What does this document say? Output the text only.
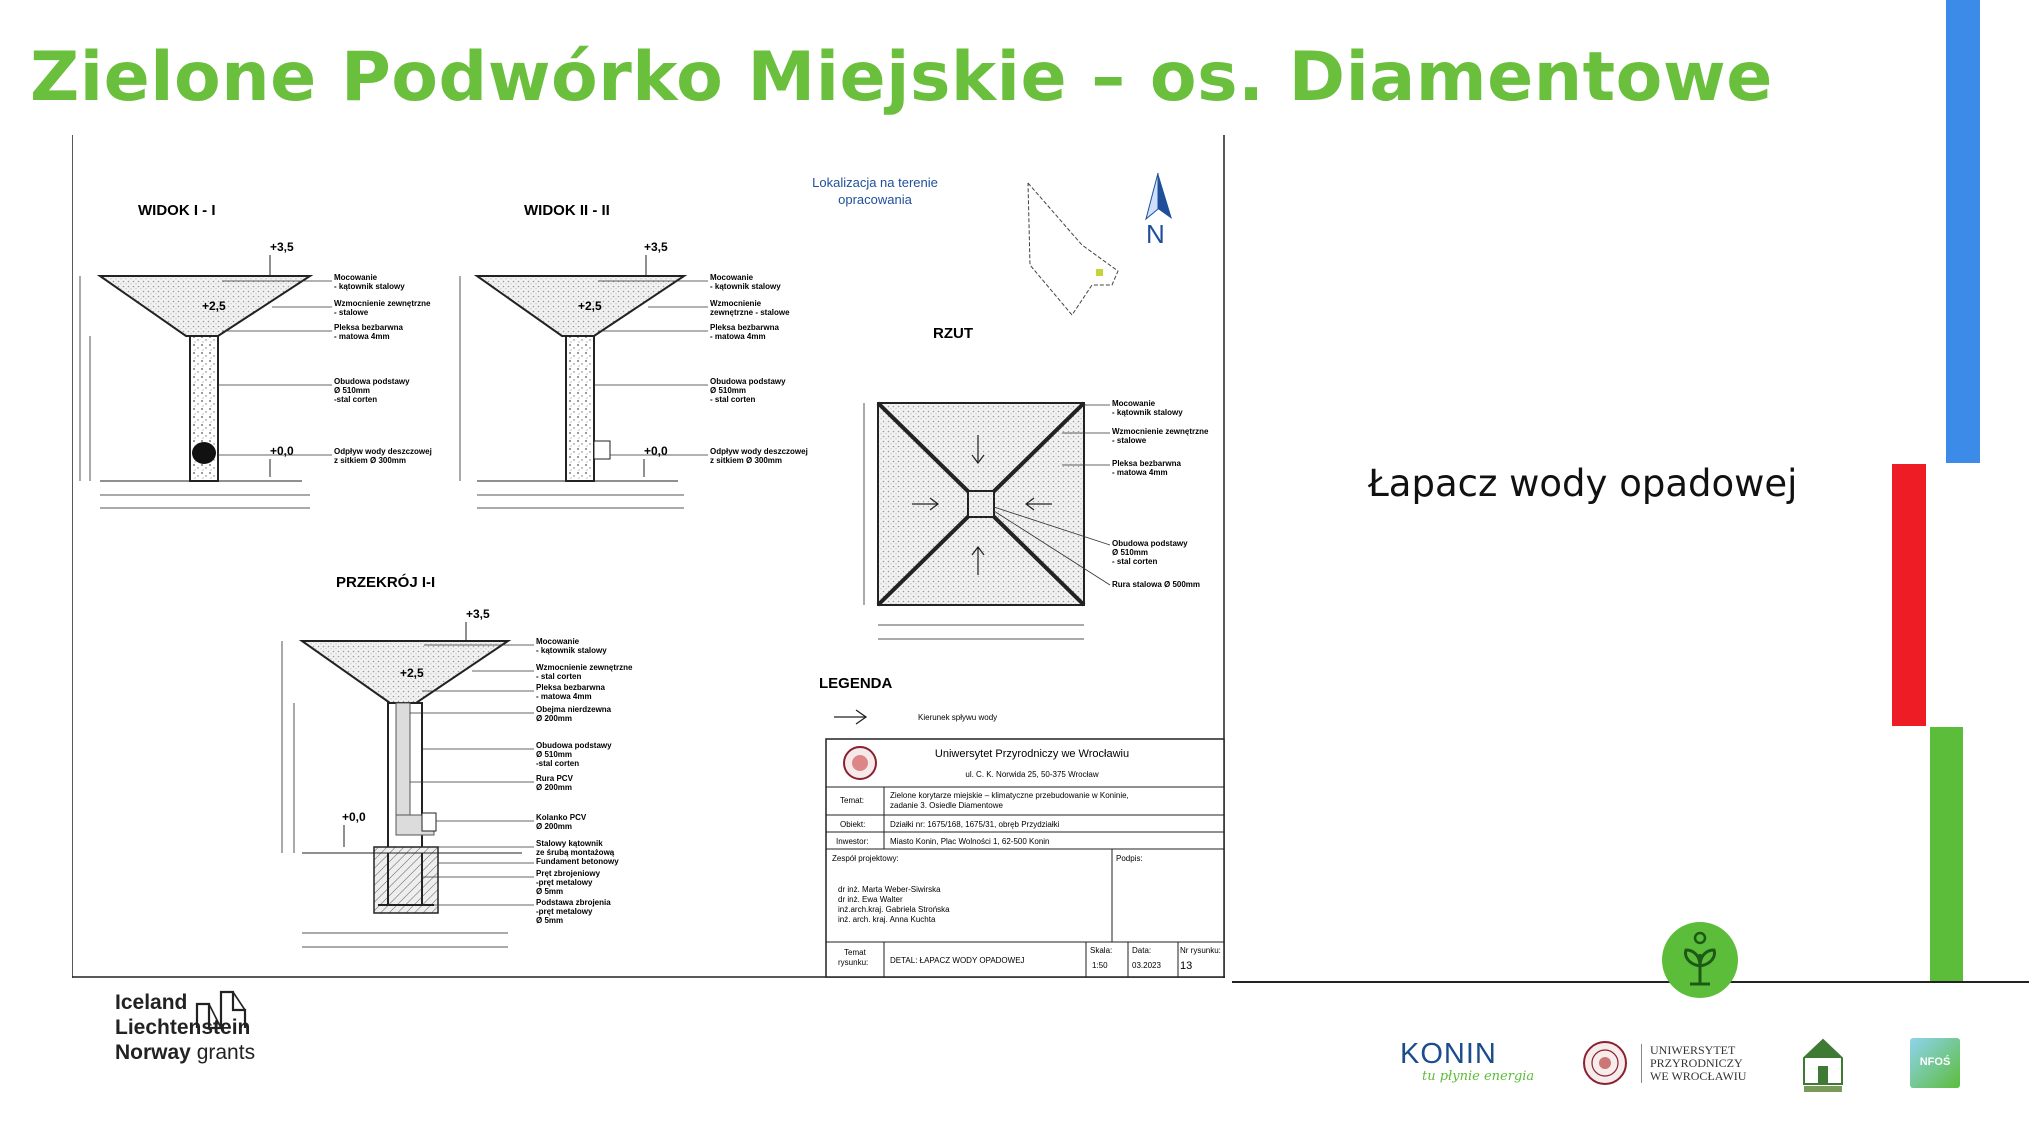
Zielone Podwórko Miejskie – os. Diamentowe
Łapacz wody opadowej
WIDOK I - I
+3,5
+2,5
+0,0
Mocowanie
- kątownik stalowy
Wzmocnienie zewnętrzne
- stalowe
Pleksa bezbarwna
- matowa 4mm
Obudowa podstawy
Ø 510mm
-stal corten
Odpływ wody deszczowej
z sitkiem Ø 300mm
WIDOK II - II
+3,5
+2,5
+0,0
Mocowanie
- kątownik stalowy
Wzmocnienie
zewnętrzne - stalowe
Pleksa bezbarwna
- matowa 4mm
Obudowa podstawy
Ø 510mm
- stal corten
Odpływ wody deszczowej
z sitkiem Ø 300mm
Lokalizacja na terenie
opracowania
N
RZUT
Mocowanie
- kątownik stalowy
Wzmocnienie zewnętrzne
- stalowe
Pleksa bezbarwna
- matowa 4mm
Obudowa podstawy
Ø 510mm
- stal corten
Rura stalowa Ø 500mm
PRZEKRÓJ I-I
+3,5
+2,5
+0,0
Mocowanie
- kątownik stalowy
Wzmocnienie zewnętrzne
- stal corten
Pleksa bezbarwna
- matowa 4mm
Obejma nierdzewna
Ø 200mm
Obudowa podstawy
Ø 510mm
-stal corten
Rura PCV
Ø 200mm
Kolanko PCV
Ø 200mm
Stalowy kątownik
ze śrubą montażową
Fundament betonowy
Pręt zbrojeniowy
-pręt metalowy
Ø 5mm
Podstawa zbrojenia
-pręt metalowy
Ø 5mm
LEGENDA
Kierunek spływu wody
Uniwersytet Przyrodniczy we Wrocławiu
ul. C. K. Norwida 25, 50-375 Wrocław
Temat:
Zielone korytarze miejskie – klimatyczne przebudowanie w Koninie,
zadanie 3. Osiedle Diamentowe
Obiekt:	Działki nr: 1675/168, 1675/31, obręb Przydziałki
Inwestor:	Miasto Konin, Plac Wolności 1, 62-500 Konin
Zespół projektowy:	Podpis:
dr inż. Marta Weber-Siwirska
dr inż. Ewa Walter
inż.arch.kraj. Gabriela Strońska
inż. arch. kraj. Anna Kuchta
Temat
rysunku:	DETAL: ŁAPACZ WODY OPADOWEJ
Skala:
1:50
Data:
03.2023
Nr rysunku:
13
Iceland
Liechtenstein
Norway grants	KONIN
tu płynie energia
UNIWERSYTET
PRZYRODNICZY
WE WROCŁAWIU
NFOŚ
